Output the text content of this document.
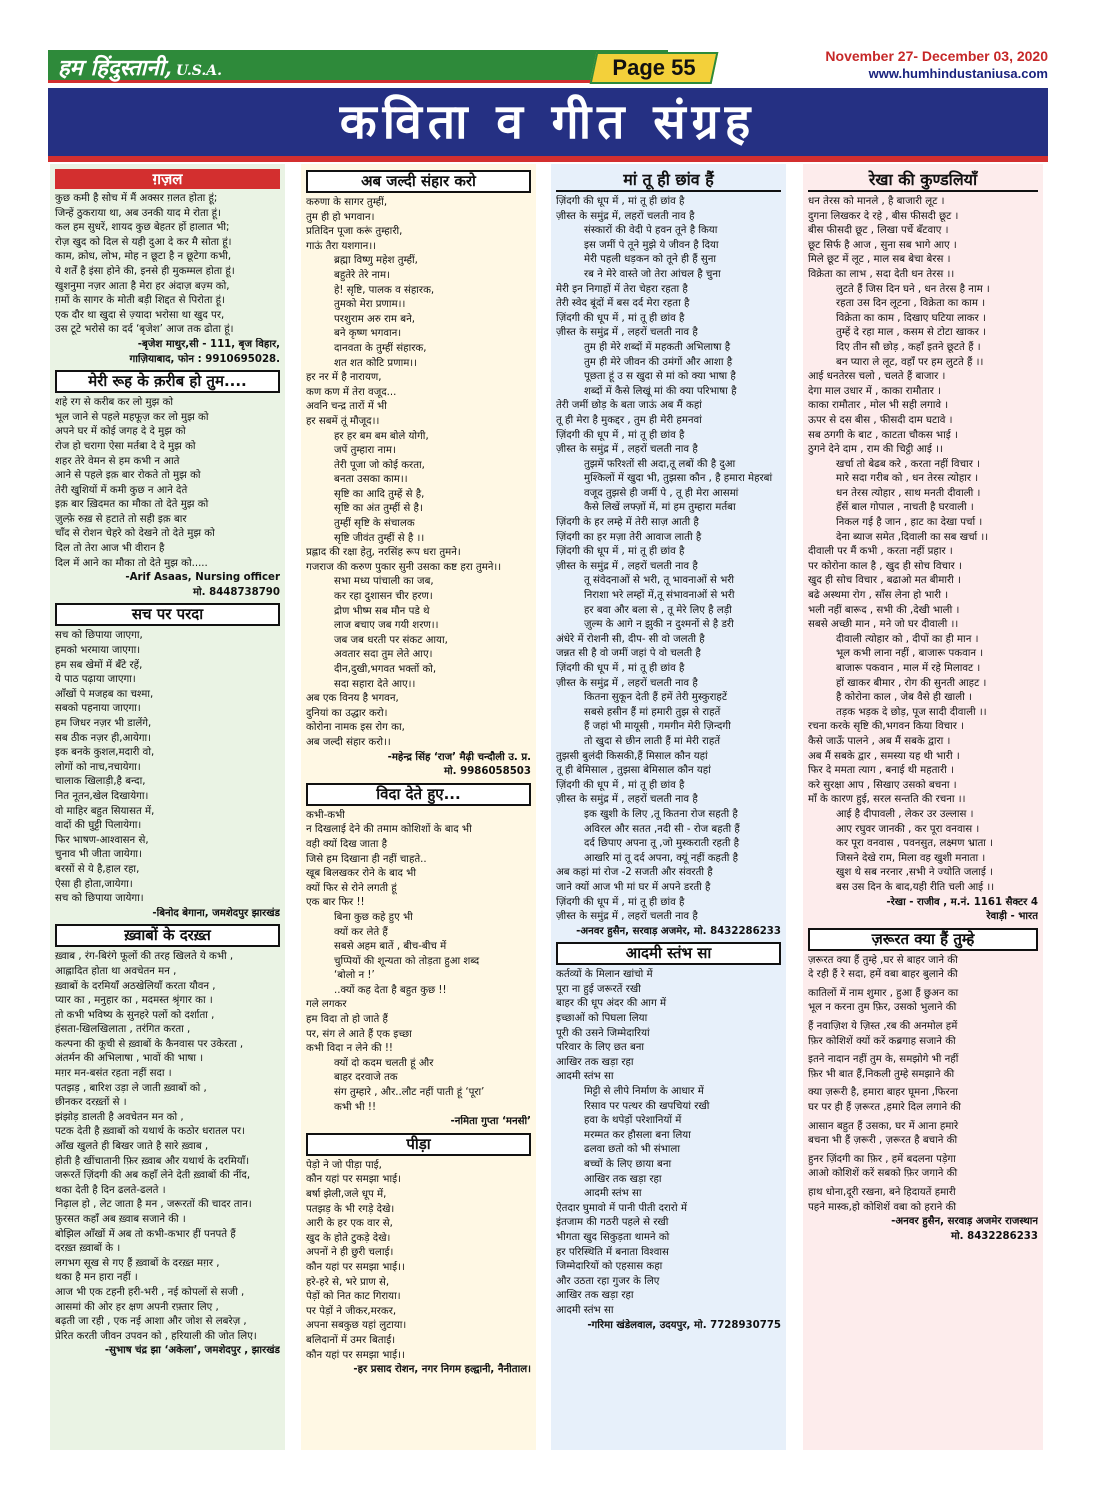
हम हिंदुस्तानी, U.S.A.	Page 55	November 27- December 03, 2020
www.humhindustaniusa.com
कविता व गीत संग्रह
ग़ज़ल
कुछ कमी है सोच में मैं अक्सर ग़लत होता हूं;
जिन्हें ठुकराया था, अब उनकी याद मे रोता हूं।
कल हम सुधरें, शायद कुछ बेहतर हों हालात भी;
रोज़ खुद को दिल से यही दुआ दे कर मै सोता हूं।
काम, क्रोध, लोभ, मोह न छूटा है न छूटेगा कभी,
ये शर्तें है इंसा होने की, इनसे ही मुकम्मल होता हूं।
खुशनुमा नज़र आता है मेरा हर अंदाज़ बज़्म को,
ग़मों के सागर के मोती बड़ी शिद्दत से पिरोता हूं।
एक दौर था खुदा से ज़्यादा भरोसा था खुद पर,
उस टूटे भरोसे का दर्द ‘बृजेश’ आज तक ढोता हूं।
-बृजेश माथुर,सी - 111, बृज विहार,
गाज़ियाबाद, फोन : 9910695028.
मेरी रूह के क़रीब हो तुम....
शहे रग से करीब कर लो मुझ को
भूल जाने से पहले महफूज़ कर लो मुझ को
अपने घर में कोई जगह दे दे मुझ को
रोज हो चरागा ऐसा मर्तबा दे दे मुझ को
शहर तेरे वेमन से हम कभी न आते
आने से पहले इक़ बार रोकते तो मुझ को
तेरी खुशियों में कमी कुछ न आने देते
इक़ बार ख़िदमत का मौका तो देते मुझ को
ज़ुल्फ़े रुख़ से हटाते तो सही इक़ बार
चाँद से रोशन चेहरे को देखने तो देते मुझ को
दिल तो तेरा आज भी वीरान है
दिल में आने का मौका तो देते मुझ को.....
-Arif Asaas, Nursing officer
मो. 8448738790
सच पर परदा
सच को छिपाया जाएगा,
हमको भरमाया जाएगा।
हम सब खेमों में बँटे रहें,
ये पाठ पढ़ाया जाएगा।
आँखों पे मजहब का चश्मा,
सबको पहनाया जाएगा।
हम जिधर नज़र भी डालेंगे,
सब ठीक नज़र ही,आयेगा।
इक बनके कुशल,मदारी वो,
लोगों को नाच,नचायेगा।
चालाक खिलाड़ी,है बन्दा,
नित नूतन,खेल दिखायेगा।
वो माहिर बहुत सियासत में,
वादों की घुट्टी पिलायेगा।
फिर भाषण-आश्वासन से,
चुनाव भी जीता जायेगा।
बरसों से ये है,हाल रहा,
ऐसा ही होता,जायेगा।
सच को छिपाया जायेगा।
-बिनोद बेगाना, जमशेदपुर झारखंड
ख़्वाबों के दरख़्त
ख़्वाब , रंग-बिरंगे फूलों की तरह खिलते ये कभी ,
आह्लादित होता था अवचेतन मन ,
ख़्वाबों के दरमियाँ अठखेलियाँ करता यौवन ,
प्यार का , मनुहार का , मदमस्त श्रृंगार का ।
तो कभी भविष्य के सुनहरे पलों को दर्शाता ,
हंसता-खिलखिलाता , तरंगित करता ,
कल्पना की कूची से ख़्वाबों के कैनवास पर उकेरता ,
अंतर्मन की अभिलाषा , भावों की भाषा ।
मग़र मन-बसंत रहता नहीं सदा ।
पतझड़ , बारिश उड़ा ले जाती ख़्वाबों को ,
छीनकर दरख़्तों से ।
झंझोड़ डालती है अवचेतन मन को ,
पटक देती है ख़्वाबों को यथार्थ के कठोर धरातल पर।
आँख खुलते ही बिखर जाते है सारे ख़्वाब ,
होती है खींचातानी फ़िर ख़्वाब और यथार्थ के दरमियाँ।
जरूरतें ज़िंदगी की अब कहाँ लेने देती ख़्वाबों की नींद,
थका देती है दिन ढलते-ढलते ।
निढ़ाल हो , लेट जाता है मन , जरूरतों की चादर तान।
फ़ुरसत कहाँ अब ख़्वाब सजाने की ।
बोझिल आँखों में अब तो कभी-कभार हीं पनपते हैं
दरख़्त ख़्वाबों के ।
लगभग सूख से गए हैं ख़्वाबों के दरख़्त मग़र ,
थका है मन हारा नहीं ।
आज भी एक टहनी हरी-भरी , नई कोपलों से सजी ,
आसमां की ओर हर क्षण अपनी रफ़्तार लिए ,
बढ़ती जा रही , एक नई आशा और जोश से लबरेज़ ,
प्रेरित करती जीवन उपवन को , हरियाली की जोत लिए।
-सुभाष चंद्र झा ‘अकेला’, जमशेदपुर , झारखंड
अब जल्दी संहार करो
करुणा के सागर तुम्हीं,
तुम ही हो भगवान।
प्रतिदिन पूजा करूं तुम्हारी,
गाऊं तैरा यशगान।।
ब्रह्मा विष्णु महेश तुम्हीं,
बहुतेरे तेरे नाम।
हे! सृष्टि, पालक व संहारक,
तुमको मेरा प्रणाम।।
परशुराम अरु राम बने,
बने कृष्ण भगवान।
दानवता के तुम्हीं संहारक,
शत शत कोटि प्रणाम।।
हर नर में है नारायण,
कण कण में तेरा वजूद...
अवनि चन्द्र तारों में भी
हर सबमें तूं मौजूद।।
हर हर बम बम बोले योगी,
जपें तुम्हारा नाम।
तेरी पूजा जो कोई करता,
बनता उसका काम।।
सृष्टि का आदि तुम्हें से है,
सृष्टि का अंत तुम्हीं से है।
तुम्हीं सृष्टि के संचालक
सृष्टि जीवंत तुम्हीं से है ।।
प्रह्लाद की रक्षा हेतु, नरसिंह रूप धरा तुमने।
गजराज की करुण पुकार सुनी उसका कष्ट हरा तुमने।।
सभा मध्य पांचाली का जब,
कर रहा दुशासन चीर हरण।
द्रोण भीष्म सब मौन पडे थे
लाज बचाए जब गयी शरण।।
जब जब धरती पर संकट आया,
अवतार सदा तुम लेते आए।
दीन,दुखी,भगवत भक्तों को,
सदा सहारा देते आए।।
अब एक विनय है भगवन,
दुनियां का उद्धार करो।
कोरोना नामक इस रोग का,
अब जल्दी संहार करो।।
-महेन्द्र सिंह ‘राज’ मैढ़ी चन्दौली उ. प्र.
मो. 9986058503
विदा देते हुए...
कभी-कभी
न दिखलाई देने की तमाम कोशिशों के बाद भी
वही क्यों दिख जाता है
जिसे हम दिखाना ही नहीं चाहते..
खूब बिलखकर रोने के बाद भी
क्यों फिर से रोने लगती हूं
एक बार फिर !!
बिना कुछ कहे हुए भी
क्यों कर लेते हैं
सबसे अहम बातें , बीच-बीच में
चुप्पियों की शून्यता को तोड़ता हुआ शब्द
‘बोलो न !’
..क्यों कह देता है बहुत कुछ !!
गले लगकर
हम विदा तो हो जाते हैं
पर, संग ले आते हैं एक इच्छा
कभी विदा न लेने की !!
क्यों दो कदम चलती हूं और
बाहर दरवाजे तक
संग तुम्हारे , और..लौट नहीं पाती हूं ‘पूरा’
कभी भी !!
-नमिता गुप्ता ‘मनसी’
पीड़ा
पेड़ो ने जो पीड़ा पाई,
कौन यहां पर समझा भाई।
बर्षा झेली,जले धूप में,
पतझड़ के भी रगड़े देखे।
आरी के हर एक वार से,
खुद के होते टुकड़े देखे।
अपनों ने ही छुरी चलाई।
कौन यहां पर समझा भाई।।
हरे-हरे से, भरे प्राण से,
पेड़ों को नित काट गिराया।
पर पेड़ों ने जीकर,मरकर,
अपना सबकुछ यहां लुटाया।
बलिदानों में उमर बिताई।
कौन यहां पर समझा भाई।।
-हर प्रसाद रोशन, नगर निगम हल्द्वानी, नैनीताल।
मां तू ही छांव हैं
ज़िंदगी की धूप में , मां तू ही छांव है
ज़ीस्त के समुंद्र में, लहरों चलती नाव है
संस्कारों की वेदी पे हवन तूने है किया
इस जमीं पे तूने मुझे ये जीवन है दिया
मेरी पहली धड़कन को तूने ही हैं सुना
रब ने मेरे वास्ते जो तेरा आंचल है चुना
मेरी इन निगाहों में तेरा चेहरा रहता है
तेरी स्वेद बूंदों में बस दर्द मेरा रहता है
ज़िंदगी की धूप में , मां तू ही छांव है
ज़ीस्त के समुंद्र में , लहरों चलती नाव है
तुम ही मेरे शब्दों में महकती अभिलाषा है
तुम ही मेरे जीवन की उमंगों और आशा है
पूछता हूं उ स खुदा से मां को क्या भाषा है
शब्दों में कैसे लिखूं मां की क्या परिभाषा है
तेरी जमीं छोड़ के बता जाऊं अब मैं कहां
तू ही मेरा है मुकद्दर , तुम ही मेरी हमनवां
ज़िंदगी की धूप में , मां तू ही छांव है
ज़ीस्त के समुंद्र में , लहरों चलती नाव है
तुझमें फरिश्तों सी अदा,तू लबों की है दुआ
मुश्किलों में खुदा भी, तुझसा कौन , है हमारा मेहरबां
वजूद तुझसे ही जमीं पे , तू ही मेरा आसमां
कैसे लिखें लफ्ज़ों में, मां हम तुम्हारा मर्तबा
ज़िंदगी के हर लम्हे में तेरी साज़ आती है
ज़िंदगी का हर मज़ा तेरी आवाज लाती है
ज़िंदगी की धूप में , मां तू ही छांव है
ज़ीस्त के समुंद्र में , लहरों चलती नाव है
तू संवेदनाओं से भरी, तू भावनाओं से भरी
निराशा भरे लम्हों में,तू संभावनाओं से भरी
हर बवा और बला से , तू मेरे लिए है लड़ी
ज़ुल्म के आगे न झुकी न दुश्मनों से है डरी
अंधेरे में रोशनी सी, दीप- सी वो जलती है
जन्नत सी है वो जमीं जहां पे वो चलती है
ज़िंदगी की धूप में , मां तू ही छांव है
ज़ीस्त के समुंद्र में , लहरों चलती नाव है
कितना सुकून देती हैं हमें तेरी मुस्कुराहटें
सबसे हसीन हैं मां हमारी तुझ से राहतें
हैं जहां भी मायूसी , गमगीन मेरी ज़िन्दगी
तो खुदा से छीन लाती हैं मां मेरी राहतें
तुझसी बुलंदी किसकी,हैं मिसाल कौन यहां
तू ही बेमिसाल , तुझसा बेमिसाल कौन यहां
ज़िंदगी की धूप में , मां तू ही छांव है
ज़ीस्त के समुंद्र में , लहरों चलती नाव है
इक खुशी के लिए ,तू कितना रोज सहती है
अविरल और सतत ,नदी सी - रोज बहती हैं
दर्द छिपाए अपना तू ,जो मुस्कराती रहती है
आखरि मां तू दर्द अपना, क्यूं नहीं कहती है
अब कहां मां रोज -2 सजती और संवरती है
जाने क्यों आज भी मां घर में अपने डरती है
ज़िंदगी की धूप में , मां तू ही छांव है
ज़ीस्त के समुंद्र में , लहरों चलती नाव है
-अनवर हुसैन, सरवाड़ अजमेर, मो. 8432286233
आदमी स्तंभ सा
कर्तव्यों के मिलान खांचो में
पूरा ना हुई जरूरतें रखी
बाहर की धूप अंदर की आग में
इच्छाओं को पिघला लिया
पूरी की उसने जिम्मेदारियां
परिवार के लिए छत बना
आखिर तक खड़ा रहा
आदमी स्तंभ सा
मिट्टी से लीपे निर्माण के आधार में
रिसाव पर पत्थर की खपचियां रखी
हवा के थपेड़ों परेशानियों में
मरम्मत कर हौसला बना लिया
ढलवा छतो को भी संभाला
बच्चों के लिए छाया बना
आखिर तक खड़ा रहा
आदमी स्तंभ सा
ऐतदार घुमावो में पानी पीती दरारो में
इंतजाम की गठरी पहले से रखी
भीगता खुद सिकुड़ता थामने को
हर परिस्थिति में बनाता विश्वास
जिम्मेदारियों को एहसास कहा
और उठता रहा गुजर के लिए
आखिर तक खड़ा रहा
आदमी स्तंभ सा
-गरिमा खंडेलवाल, उदयपुर, मो. 7728930775
रेखा की कुण्डलियाँ
धन तेरस को मानले , है बाजारी लूट ।
दुगना लिखकर दे रहे , बीस फीसदी छूट ।
बीस फीसदी छूट , लिखा पर्चे बँटवाए ।
छूट सिर्फ है आज , सुना सब भागे आए ।
मिले छूट में लूट , माल सब बेचा बेरस ।
विक्रेता का लाभ , सदा देती धन तेरस ।।
लुटते हैं जिस दिन घने , धन तेरस है नाम ।
रहता उस दिन लूटना , विक्रेता का काम ।
विक्रेता का काम , दिखाए घटिया लाकर ।
तुम्हें दे रहा माल , कसम से टोटा खाकर ।
दिए तीन सौ छोड़ , कहाँ इतने छूटते हैं ।
बन प्यारा ले लूट, वहाँ पर हम लुटते हैं ।।
आई धनतेरस चलो , चलते हैं बाजार ।
देगा माल उधार में , काका रामौतार ।
काका रामौतार , मोल भी सही लगावे ।
ऊपर से दस बीस , फीसदी दाम घटावे ।
सब ठगगी के बाट , काटता चौकस भाई ।
ठुगने देने दाम , राम की चिट्ठी आई ।।
खर्चा तो बेढब करे , करता नहीं विचार ।
मारे सदा गरीब को , धन तेरस त्योहार ।
धन तेरस त्योहार , साथ मनती दीवाली ।
हँसें बाल गोपाल , नाचती है घरवाली ।
निकल गई है जान , हाट का देखा पर्चा ।
देना ब्याज समेत ,दिवाली का सब खर्चा ।।
दीवाली पर मैं कभी , करता नहीं प्रहार ।
पर कोरोना काल है , खुद ही सोच विचार ।
खुद ही सोच विचार , बढाओ मत बीमारी ।
बढे अस्थमा रोग , साँस लेना हो भारी ।
भली नहीं बारूद , सभी की ,देखी भाली ।
सबसे अच्छी मान , मने जो घर दीवाली ।।
दीवाली त्योहार को , दीपों का ही मान ।
भूल कभी लाना नहीं , बाजारू पकवान ।
बाजारू पकवान , माल में रहे मिलावट ।
हों खाकर बीमार , रोग की सुनती आहट ।
है कोरोना काल , जेब वैसे ही खाली ।
तड़क भड़क दे छोड़, पूज सादी दीवाली ।।
रचना करके सृष्टि की,भगवन किया विचार ।
कैसे जाऊँ पालने , अब मैं सबके द्वारा ।
अब मैं सबके द्वार , समस्या यह थी भारी ।
फिर दे ममता त्याग , बनाई थी महतारी ।
करे सुरक्षा आप , सिखाए उसको बचना ।
माँ के कारण हुई, सरल सन्तति की रचना ।।
आई है दीपावली , लेकर उर उल्लास ।
आए रघुवर जानकी , कर पूरा वनवास ।
कर पूरा वनवास , पवनसुत, लक्ष्मण भ्राता ।
जिसने देखे राम, मिला वह खुशी मनाता ।
खुश थे सब नरनार ,सभी ने ज्योति जलाई ।
बस उस दिन के बाद,यही रीति चली आई ।।
-रेखा - राजीव , म.नं. 1161 सैक्टर 4
रेवाड़ी - भारत
ज़रूरत क्या हैं तुम्हे
ज़रूरत क्या हैं तुम्हे ,घर से बाहर जाने की
दे रही हैं रे सदा, हमें वबा बाहर बुलाने की
कातिलों में नाम शुमार , हुआ हैं छुअन का
भूल न करना तुम फ़िर, उसको भुलाने की
हैं नवाज़िश ये ज़िस्त ,रब की अनमोल हमें
फ़िर कोशिशें क्यों करें कब्रगाह सजाने की
इतने नादान नहीं तुम के, समझोगे भी नहीं
फ़िर भी बात हैं,निकली तुम्हे समझाने की
क्या ज़रूरी है, हमारा बाहर घूमना ,फिरना
घर पर ही हैं ज़रूरत ,हमारे दिल लगाने की
आसान बहुत हैं उसका, घर में आना हमारे
बचना भी हैं ज़रूरी , ज़रूरत है बचाने की
हुनर ज़िंदगी का फ़िर , हमें बदलना पड़ेगा
आओ कोशिशें करें सबको फ़िर जगाने की
हाथ धोना,दूरी रखना, बने हिदायतें हमारी
पहने मास्क,हो कोशिशें वबा को हराने की
-अनवर हुसैन, सरवाड़ अजमेर राजस्थान
मो. 8432286233
